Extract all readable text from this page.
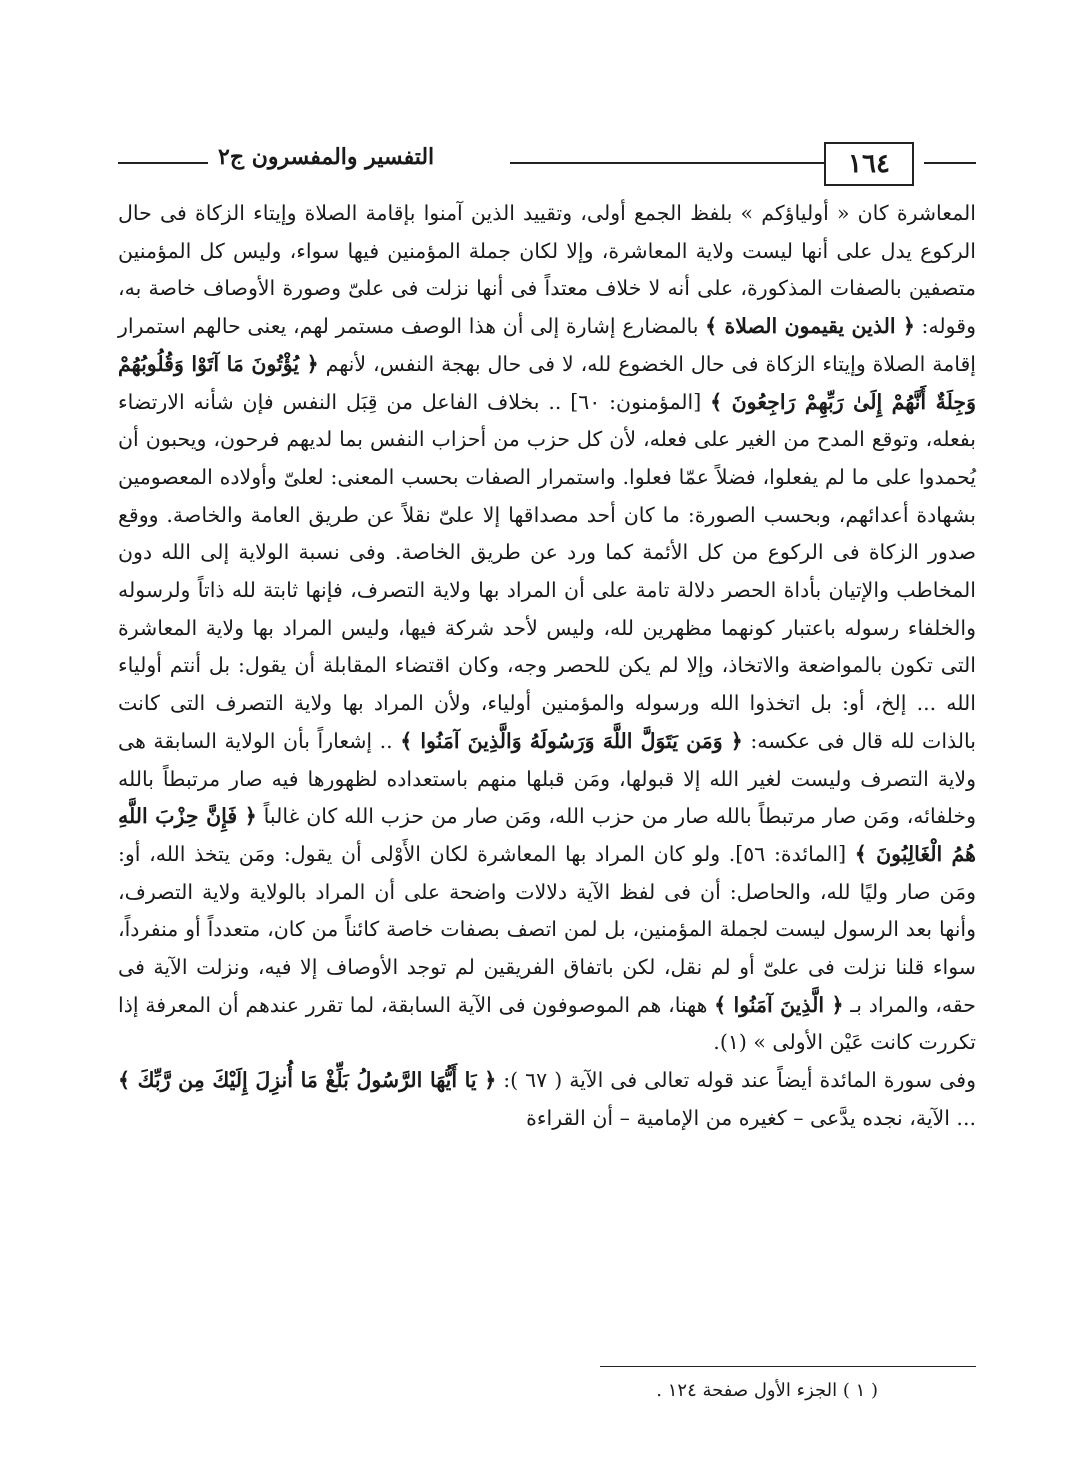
التفسير والمفسرون ج٢	١٦٤

المعاشرة كان « أولياؤكم » بلفظ الجمع أولى، وتقييد الذين آمنوا بإقامة الصلاة وإيتاء الزكاة فى حال الركوع يدل على أنها ليست ولاية المعاشرة، وإلا لكان جملة المؤمنين فيها سواء، وليس كل المؤمنين متصفين بالصفات المذكورة، على أنه لا خلاف معتداً فى أنها نزلت فى علىّ وصورة الأوصاف خاصة به، وقوله: ﴿ الذين يقيمون الصلاة ﴾ بالمضارع إشارة إلى أن هذا الوصف مستمر لهم، يعنى حالهم استمرار إقامة الصلاة وإيتاء الزكاة فى حال الخضوع لله، لا فى حال بهجة النفس، لأنهم ﴿ يُؤْتُونَ مَا آتَوْا وَقُلُوبُهُمْ وَجِلَةٌ أَنَّهُمْ إِلَىٰ رَبِّهِمْ رَاجِعُونَ ﴾ [المؤمنون: ٦٠] .. بخلاف الفاعل من قِبَل النفس فإن شأنه الارتضاء بفعله، وتوقع المدح من الغير على فعله، لأن كل حزب من أحزاب النفس بما لديهم فرحون، ويحبون أن يُحمدوا على ما لم يفعلوا، فضلاً عمّا فعلوا. واستمرار الصفات بحسب المعنى: لعلىّ وأولاده المعصومين بشهادة أعدائهم، وبحسب الصورة: ما كان أحد مصداقها إلا علىّ نقلاً عن طريق العامة والخاصة. ووقع صدور الزكاة فى الركوع من كل الأئمة كما ورد عن طريق الخاصة. وفى نسبة الولاية إلى الله دون المخاطب والإتيان بأداة الحصر دلالة تامة على أن المراد بها ولاية التصرف، فإنها ثابتة لله ذاتاً ولرسوله والخلفاء رسوله باعتبار كونهما مظهرين لله، وليس لأحد شركة فيها، وليس المراد بها ولاية المعاشرة التى تكون بالمواضعة والاتخاذ، وإلا لم يكن للحصر وجه، وكان اقتضاء المقابلة أن يقول: بل أنتم أولياء الله ... إلخ، أو: بل اتخذوا الله ورسوله والمؤمنين أولياء، ولأن المراد بها ولاية التصرف التى كانت بالذات لله قال فى عكسه: ﴿ وَمَن يَتَوَلَّ اللَّهَ وَرَسُولَهُ وَالَّذِينَ آمَنُوا ﴾ .. إشعاراً بأن الولاية السابقة هى ولاية التصرف وليست لغير الله إلا قبولها، ومَن قبلها منهم باستعداده لظهورها فيه صار مرتبطاً بالله وخلفائه، ومَن صار مرتبطاً بالله صار من حزب الله، ومَن صار من حزب الله كان غالباً ﴿ فَإِنَّ حِزْبَ اللَّهِ هُمُ الْغَالِبُونَ ﴾ [المائدة: ٥٦]. ولو كان المراد بها المعاشرة لكان الأَوْلى أن يقول: ومَن يتخذ الله، أو: ومَن صار وليًا لله، والحاصل: أن فى لفظ الآية دلالات واضحة على أن المراد بالولاية ولاية التصرف، وأنها بعد الرسول ليست لجملة المؤمنين، بل لمن اتصف بصفات خاصة كائناً من كان، متعدداً أو منفرداً، سواء قلنا نزلت فى علىّ أو لم نقل، لكن باتفاق الفريقين لم توجد الأوصاف إلا فيه، ونزلت الآية فى حقه، والمراد بـ ﴿ الَّذِينَ آمَنُوا ﴾ ههنا، هم الموصوفون فى الآية السابقة، لما تقرر عندهم أن المعرفة إذا تكررت كانت عَيْن الأولى » (١).

وفى سورة المائدة أيضاً عند قوله تعالى فى الآية ( ٦٧ ): ﴿ يَا أَيُّهَا الرَّسُولُ بَلِّغْ مَا أُنزِلَ إِلَيْكَ مِن رَّبِّكَ ﴾ ... الآية، نجده يدَّعى – كغيره من الإمامية – أن القراءة

( ١ ) الجزء الأول صفحة ١٢٤ .
